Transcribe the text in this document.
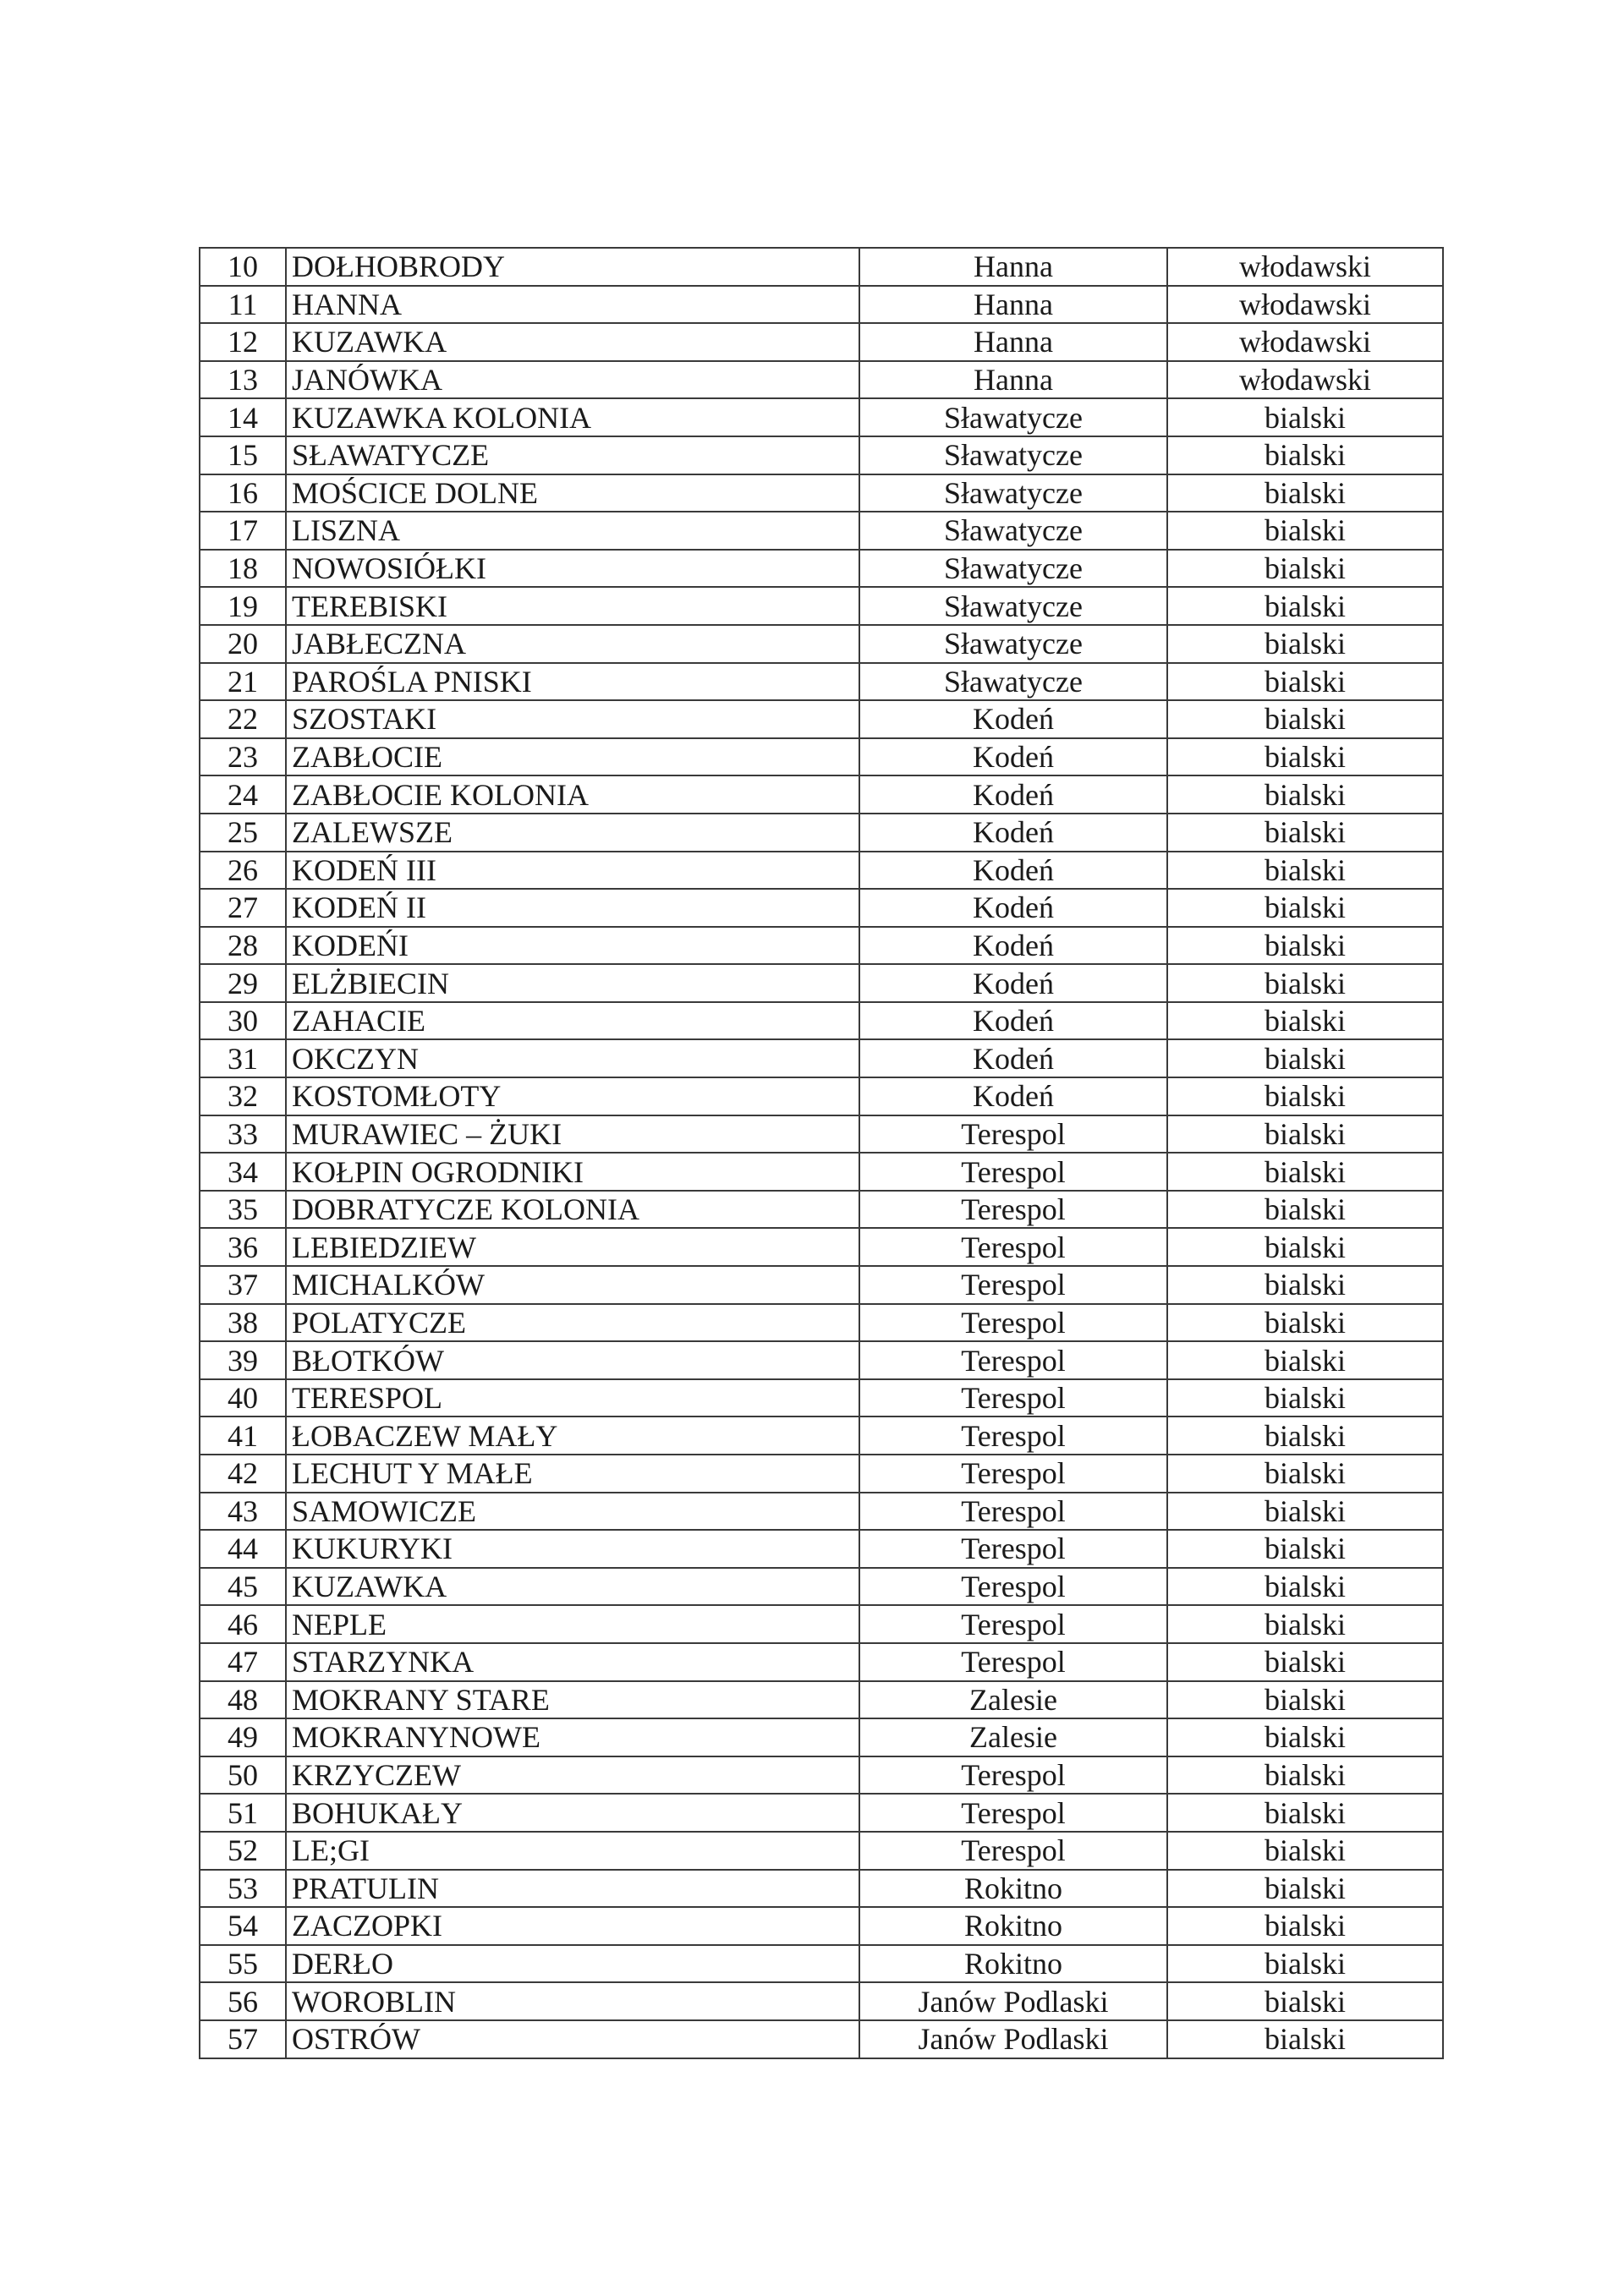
10	DOŁHOBRODY	Hanna	włodawski
11	HANNA	Hanna	włodawski
12	KUZAWKA	Hanna	włodawski
13	JANÓWKA	Hanna	włodawski
14	KUZAWKA KOLONIA	Sławatycze	bialski
15	SŁAWATYCZE	Sławatycze	bialski
16	MOŚCICE DOLNE	Sławatycze	bialski
17	LISZNA	Sławatycze	bialski
18	NOWOSIÓŁKI	Sławatycze	bialski
19	TEREBISKI	Sławatycze	bialski
20	JABŁECZNA	Sławatycze	bialski
21	PAROŚLA PNISKI	Sławatycze	bialski
22	SZOSTAKI	Kodeń	bialski
23	ZABŁOCIE	Kodeń	bialski
24	ZABŁOCIE KOLONIA	Kodeń	bialski
25	ZALEWSZE	Kodeń	bialski
26	KODEŃ III	Kodeń	bialski
27	KODEŃ II	Kodeń	bialski
28	KODEŃI	Kodeń	bialski
29	ELŻBIECIN	Kodeń	bialski
30	ZAHACIE	Kodeń	bialski
31	OKCZYN	Kodeń	bialski
32	KOSTOMŁOTY	Kodeń	bialski
33	MURAWIEC – ŻUKI	Terespol	bialski
34	KOŁPIN OGRODNIKI	Terespol	bialski
35	DOBRATYCZE KOLONIA	Terespol	bialski
36	LEBIEDZIEW	Terespol	bialski
37	MICHALKÓW	Terespol	bialski
38	POLATYCZE	Terespol	bialski
39	BŁOTKÓW	Terespol	bialski
40	TERESPOL	Terespol	bialski
41	ŁOBACZEW MAŁY	Terespol	bialski
42	LECHUT Y MAŁE	Terespol	bialski
43	SAMOWICZE	Terespol	bialski
44	KUKURYKI	Terespol	bialski
45	KUZAWKA	Terespol	bialski
46	NEPLE	Terespol	bialski
47	STARZYNKA	Terespol	bialski
48	MOKRANY STARE	Zalesie	bialski
49	MOKRANYNOWE	Zalesie	bialski
50	KRZYCZEW	Terespol	bialski
51	BOHUKAŁY	Terespol	bialski
52	LE;GI	Terespol	bialski
53	PRATULIN	Rokitno	bialski
54	ZACZOPKI	Rokitno	bialski
55	DERŁO	Rokitno	bialski
56	WOROBLIN	Janów Podlaski	bialski
57	OSTRÓW	Janów Podlaski	bialski
